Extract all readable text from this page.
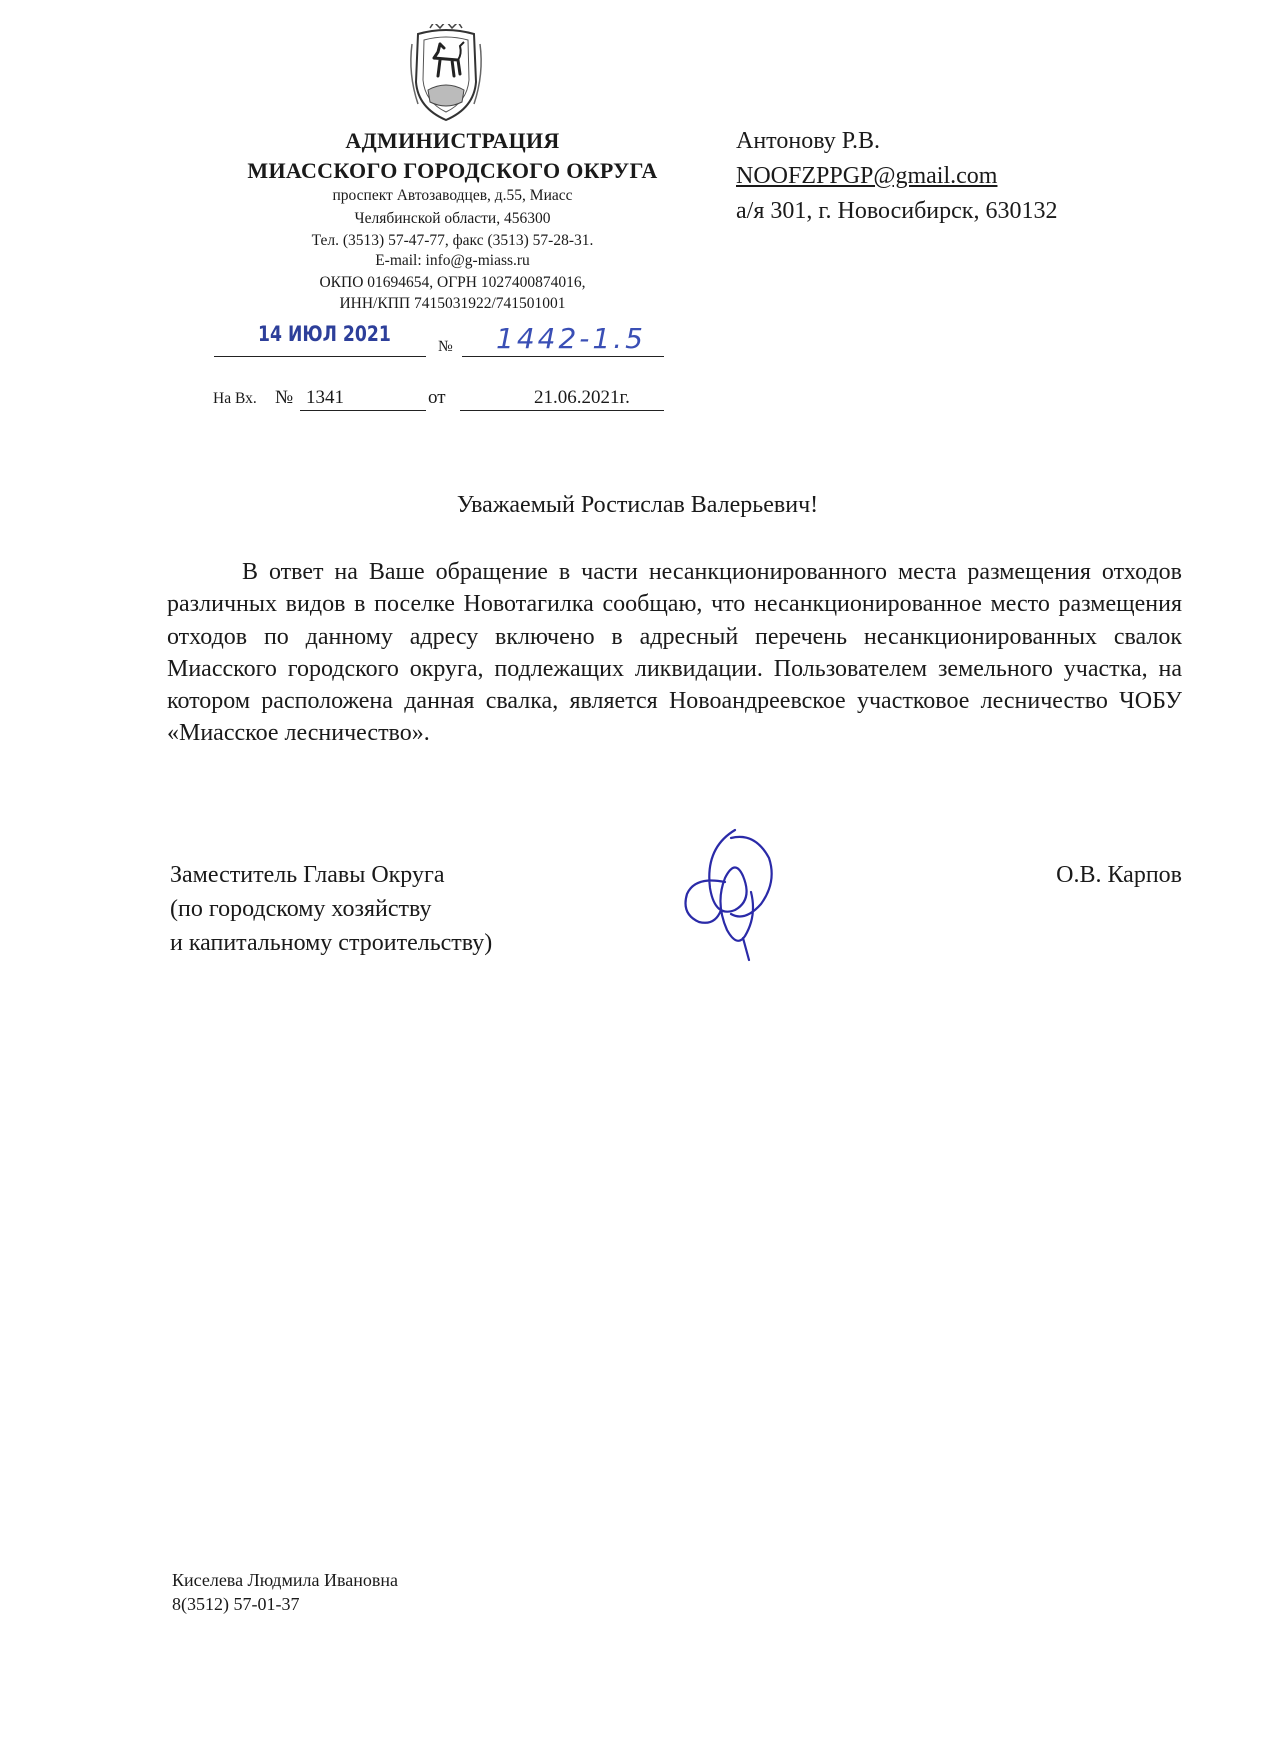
АДМИНИСТРАЦИЯ
МИАССКОГО ГОРОДСКОГО ОКРУГА
проспект Автозаводцев, д.55, Миасс
Челябинской области, 456300
Тел. (3513) 57-47-77, факс (3513) 57-28-31.
E-mail: info@g-miass.ru
ОКПО 01694654, ОГРН 1027400874016,
ИНН/КПП 7415031922/741501001
Антонову Р.В.
NOOFZPPGP@gmail.com
а/я 301, г. Новосибирск, 630132
14 ИЮЛ 2021
№ 1442-1.5
На Вх. № 1341	от	21.06.2021г.
Уважаемый Ростислав Валерьевич!

В ответ на Ваше обращение в части несанкционированного места размещения отходов различных видов в поселке Новотагилка сообщаю, что несанкционированное место размещения отходов по данному адресу включено в адресный перечень несанкционированных свалок Миасского городского округа, подлежащих ликвидации. Пользователем земельного участка, на котором расположена данная свалка, является Новоандреевское участковое лесничество ЧОБУ «Миасское лесничество».

Заместитель Главы Округа
(по городскому хозяйству
и капитальному строительству)
О.В. Карпов
Киселева Людмила Ивановна
8(3512) 57-01-37
